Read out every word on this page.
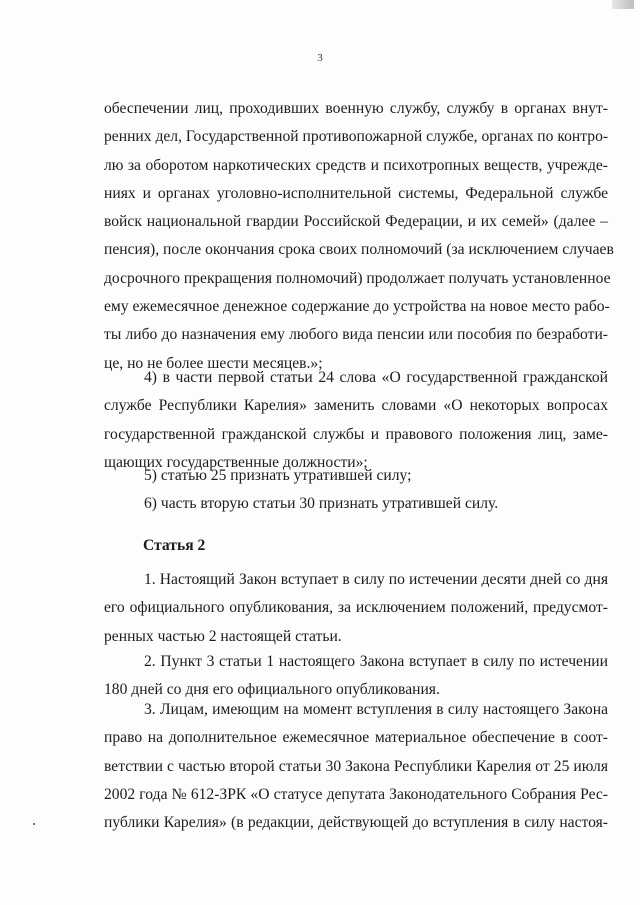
3
обеспечении лиц, проходивших военную службу, службу в органах внут-
ренних дел, Государственной противопожарной службе, органах по контро-
лю за оборотом наркотических средств и психотропных веществ, учрежде-
ниях и органах уголовно-исполнительной системы, Федеральной службе
войск национальной гвардии Российской Федерации, и их семей» (далее –
пенсия), после окончания срока своих полномочий (за исключением случаев
досрочного прекращения полномочий) продолжает получать установленное
ему ежемесячное денежное содержание до устройства на новое место рабо-
ты либо до назначения ему любого вида пенсии или пособия по безработи-
це, но не более шести месяцев.»;
4) в части первой статьи 24 слова «О государственной гражданской
службе Республики Карелия» заменить словами «О некоторых вопросах
государственной гражданской службы и правового положения лиц, заме-
щающих государственные должности»;
5) статью 25 признать утратившей силу;
6) часть вторую статьи 30 признать утратившей силу.
Статья 2
1. Настоящий Закон вступает в силу по истечении десяти дней со дня
его официального опубликования, за исключением положений, предусмот-
ренных частью 2 настоящей статьи.
2. Пункт 3 статьи 1 настоящего Закона вступает в силу по истечении
180 дней со дня его официального опубликования.
3. Лицам, имеющим на момент вступления в силу настоящего Закона
право на дополнительное ежемесячное материальное обеспечение в соот-
ветствии с частью второй статьи 30 Закона Республики Карелия от 25 июля
2002 года № 612-ЗРК «О статусе депутата Законодательного Собрания Рес-
публики Карелия» (в редакции, действующей до вступления в силу настоя-
